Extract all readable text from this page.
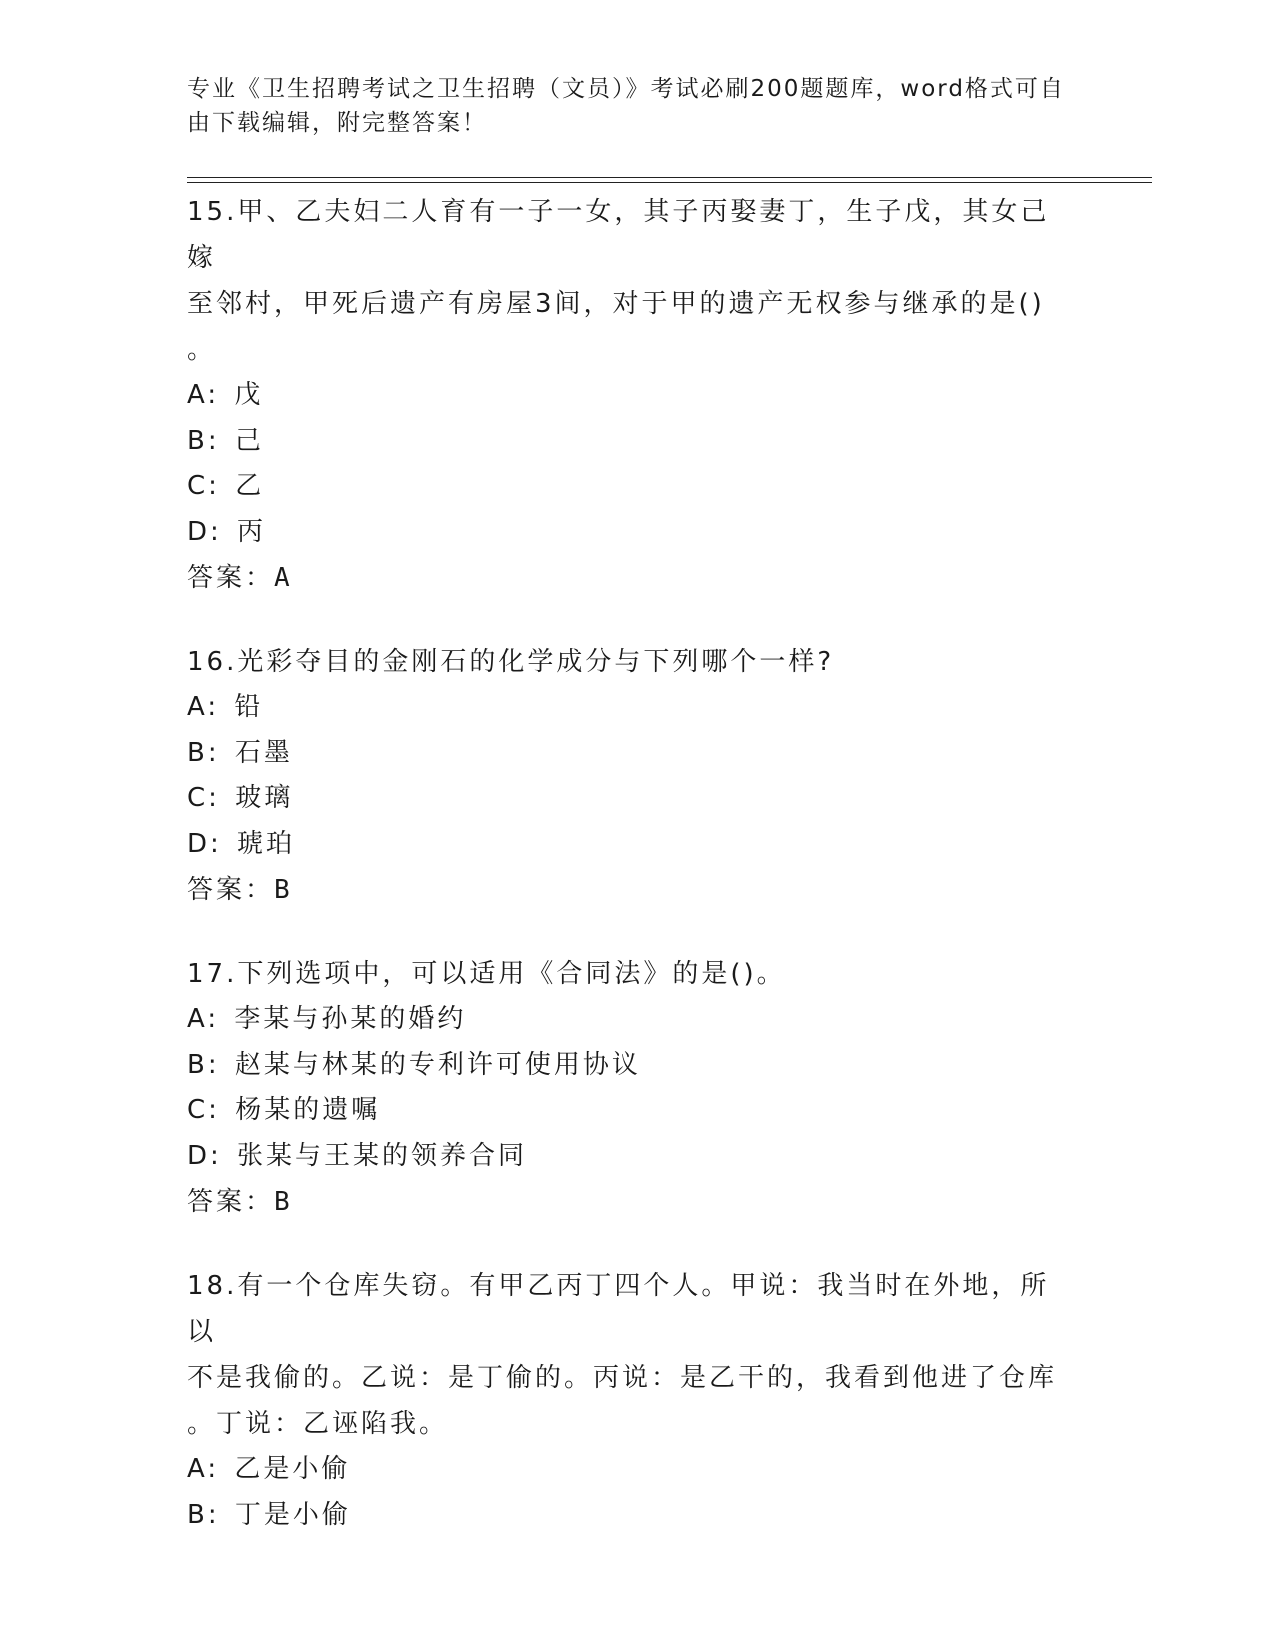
专业《卫生招聘考试之卫生招聘（文员）》考试必刷200题题库，word格式可自由下载编辑，附完整答案！

15.甲、乙夫妇二人育有一子一女，其子丙娶妻丁，生子戊，其女己嫁

至邻村，甲死后遗产有房屋3间，对于甲的遗产无权参与继承的是()

。

A: 戊

B: 己

C: 乙

D: 丙

答案：A

16.光彩夺目的金刚石的化学成分与下列哪个一样?

A: 铅

B: 石墨

C: 玻璃

D: 琥珀

答案：B

17.下列选项中，可以适用《合同法》的是()。

A: 李某与孙某的婚约

B: 赵某与林某的专利许可使用协议

C: 杨某的遗嘱

D: 张某与王某的领养合同

答案：B

18.有一个仓库失窃。有甲乙丙丁四个人。甲说：我当时在外地，所以

不是我偷的。乙说：是丁偷的。丙说：是乙干的，我看到他进了仓库

。丁说：乙诬陷我。

A: 乙是小偷

B: 丁是小偷
